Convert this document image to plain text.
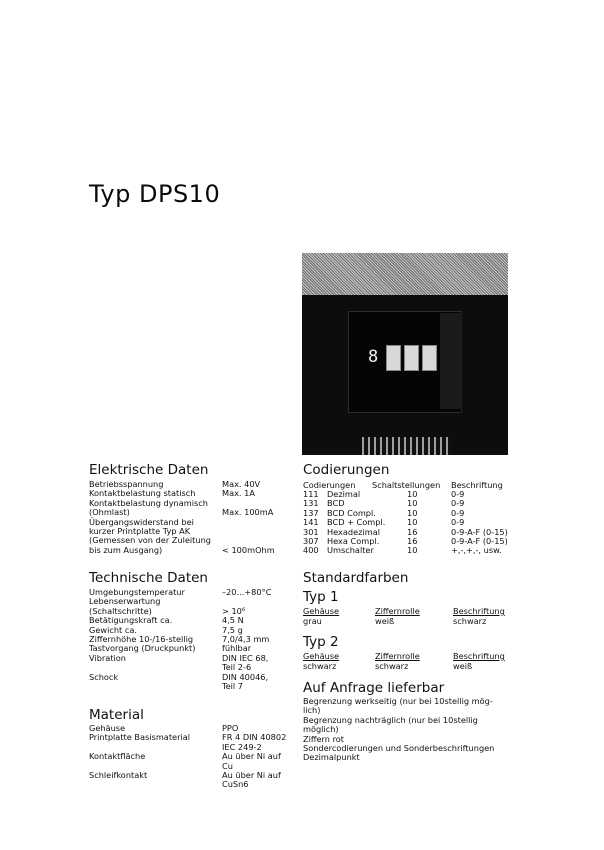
Typ DPS10
8
Elektrische Daten
Betriebsspannung	Max. 40V
Kontaktbelastung statisch	Max. 1A
Kontaktbelastung dynamisch
(Ohmlast)	Max. 100mA
Übergangswiderstand bei
kurzer Printplatte Typ AK
(Gemessen von der Zuleitung
bis zum Ausgang)	< 100mOhm
Technische Daten
Umgebungstemperatur	–20...+80°C
Lebenserwartung
(Schaltschritte)	> 10⁶
Betätigungskraft ca.	4,5 N
Gewicht ca.	7,5 g
Ziffernhöhe 10-/16-stellig	7,0/4,3 mm
Tastvorgang (Druckpunkt)	fühlbar
Vibration	DIN IEC 68,
Teil 2-6
Schock	DIN 40046,
Teil 7
Material
Gehäuse	PPO
Printplatte Basismaterial	FR 4 DIN 40802
IEC 249-2
Kontaktfläche	Au über Ni auf
Cu
Schleifkontakt	Au über Ni auf
CuSn6
Codierungen
Codierungen Schaltstellungen Beschriftung
111 Dezimal	10	0-9
131 BCD	10	0-9
137 BCD Compl.	10	0-9
141 BCD + Compl.	10	0-9
301 Hexadezimal	16	0-9-A-F (0-15)
307 Hexa Compl.	16	0-9-A-F (0-15)
400 Umschalter	10	+,-,+,-, usw.
Standardfarben
Typ 1
Gehäuse	Ziffernrolle	Beschriftung
grau	weiß	schwarz
Typ 2
Gehäuse	Ziffernrolle	Beschriftung
schwarz	schwarz	weiß
Auf Anfrage lieferbar
Begrenzung werkseitig (nur bei 10stellig mög-
lich)
Begrenzung nachträglich (nur bei 10stellig
möglich)
Ziffern rot
Sondercodierungen und Sonderbeschriftungen
Dezimalpunkt
